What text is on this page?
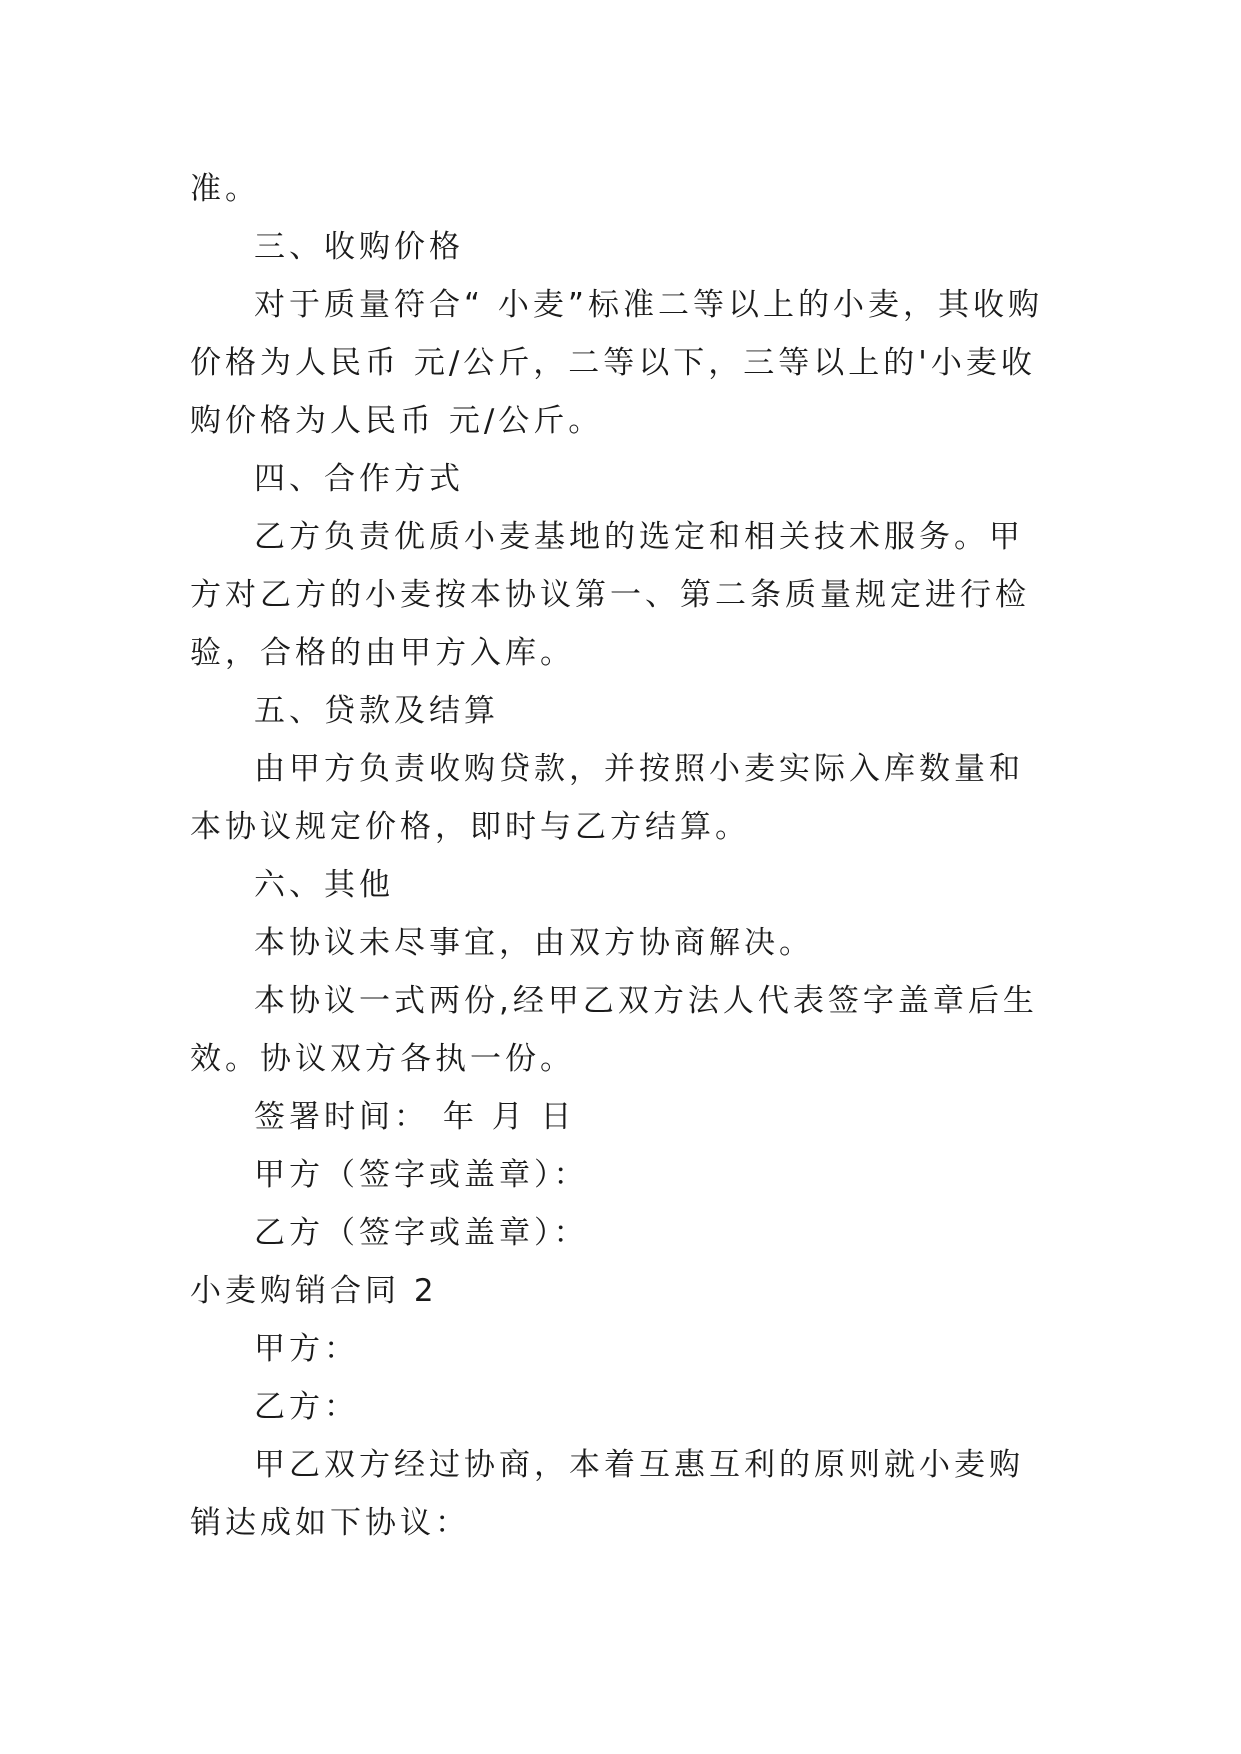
准。

三、收购价格

对于质量符合“ 小麦”标准二等以上的小麦，其收购价格为人民币 元/公斤，二等以下，三等以上的'小麦收购价格为人民币 元/公斤。

四、合作方式

乙方负责优质小麦基地的选定和相关技术服务。甲方对乙方的小麦按本协议第一、第二条质量规定进行检验，合格的由甲方入库。

五、贷款及结算

由甲方负责收购贷款，并按照小麦实际入库数量和本协议规定价格，即时与乙方结算。

六、其他

本协议未尽事宜，由双方协商解决。

本协议一式两份,经甲乙双方法人代表签字盖章后生效。协议双方各执一份。

签署时间： 年 月 日

甲方（签字或盖章）：

乙方（签字或盖章）：

小麦购销合同 2

甲方：

乙方：

甲乙双方经过协商，本着互惠互利的原则就小麦购销达成如下协议：
